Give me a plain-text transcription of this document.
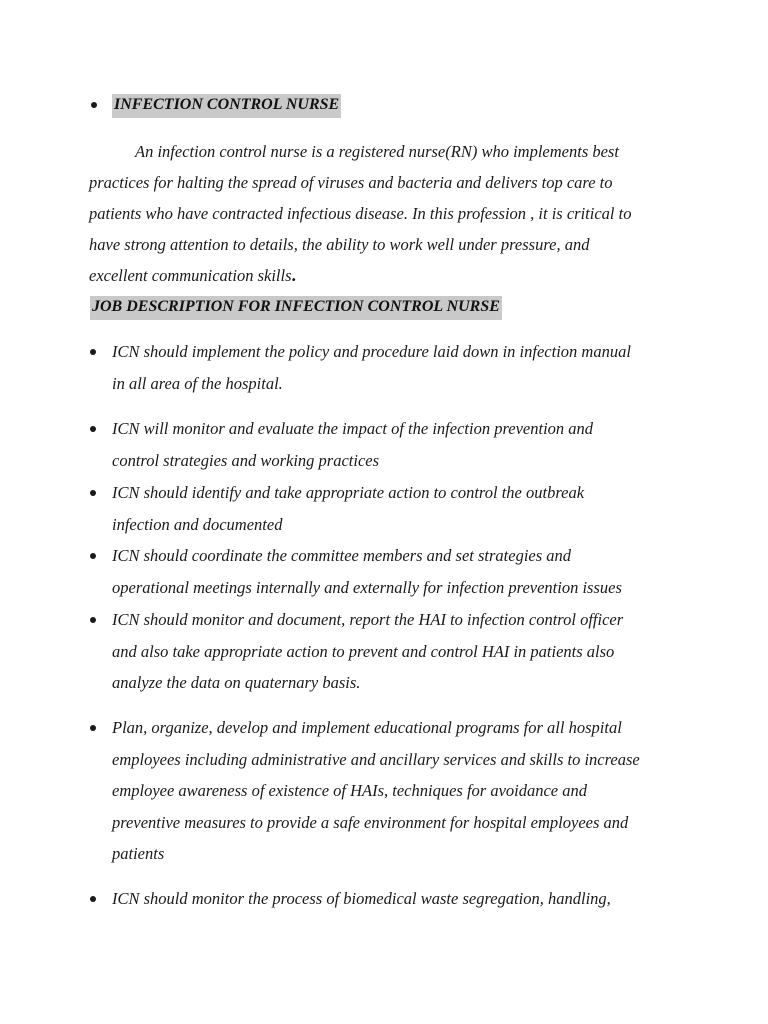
INFECTION CONTROL NURSE

An infection control nurse is a registered nurse(RN) who implements best
practices for halting the spread of viruses and bacteria and delivers top care to
patients who have contracted infectious disease. In this profession , it is critical to
have strong attention to details, the ability to work well under pressure, and
excellent communication skills.

JOB DESCRIPTION FOR INFECTION CONTROL NURSE

ICN should implement the policy and procedure laid down in infection manual
in all area of the hospital.

ICN will monitor and evaluate the impact of the infection prevention and
control strategies and working practices

ICN should identify and take appropriate action to control the outbreak
infection and documented

ICN should coordinate the committee members and set strategies and
operational meetings internally and externally for infection prevention issues

ICN should monitor and document, report the HAI to infection control officer
and also take appropriate action to prevent and control HAI in patients also
analyze the data on quaternary basis.

Plan, organize, develop and implement educational programs for all hospital
employees including administrative and ancillary services and skills to increase
employee awareness of existence of HAIs, techniques for avoidance and
preventive measures to provide a safe environment for hospital employees and
patients

ICN should monitor the process of biomedical waste segregation, handling,
